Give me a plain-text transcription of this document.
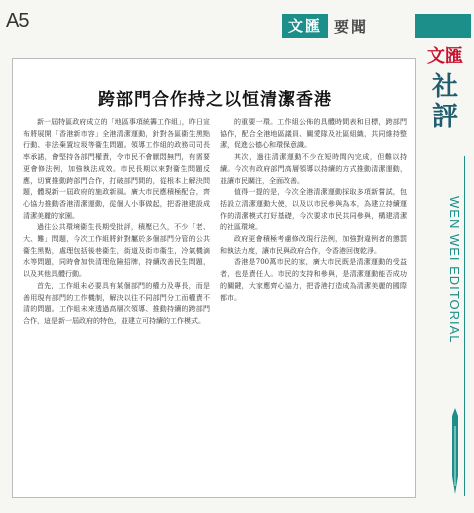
A5	文匯 要聞
跨部門合作持之以恒清潔香港

新一屆特區政府成立的「地區事項統籌工作組」，昨日宣布將展開「香港新市容」全港清潔運動，針對各區衞生黑點行動、非法棄置垃圾等衞生問題。領導工作組的政務司司長率承諾，會堅持各部門權責，令市民不會厭悶無門，有需要更會修法例，加強執法成效。市民長期以來對衞生問題反應，切實推動跨部門合作，打破部門間的，從根本上解決問題，體現新一屆政府的施政新風。廣大市民應積極配合，齊心協力推動香港清潔運動，從個人小事做起，把香港建設成清潔美麗的家園。

過往公共環境衞生長期受批評，積壓已久，不少「老、大、難」問題，今次工作組將針對屬於多個部門分管的公共衞生黑點，處理包括後巷衞生，街道及街市衞生，冷氣機滴水等問題，同時會加快清理危險招牌，持續改善民生問題，以及其他具體行動。

首先，工作組未必要具有某個部門的權力及專長，而是善用現有部門的工作機制，解決以往不同部門分工而權責不清的問題。工作組未來透過高層次領導、推動持續的跨部門合作，這是新一屆政府的特色，並建立可持續的工作模式。

的重要一環。工作組公佈的具體時間表和目標，跨部門協作，配合全港地區議員、關愛隊及社區組織，共同維持整潔，促進公德心和環保意識。

其次，過往清潔運動不少在短時間內完成，但難以持續。今次有政府部門高層領導以持續的方式推動清潔運動，並讓市民關注，全面改善。

值得一提的是，今次全港清潔運動採取多項新嘗試，包括設立清潔運動大使，以及以市民參與為本，為建立持續運作的清潔模式打好基礎，今次要求市民共同參與，構建清潔的社區環境。

政府更會積極考慮修改現行法例，加強對違例者的懲罰和執法力度，讓市民與政府合作，令香港回復乾淨。

香港是700萬市民的家，廣大市民既是清潔運動的受益者，也是責任人。市民的支持和參與，是清潔運動能否成功的關鍵，大家應齊心協力，把香港打造成為清潔美麗的國際都市。

文匯
社評
WEN WEI EDITORIAL
